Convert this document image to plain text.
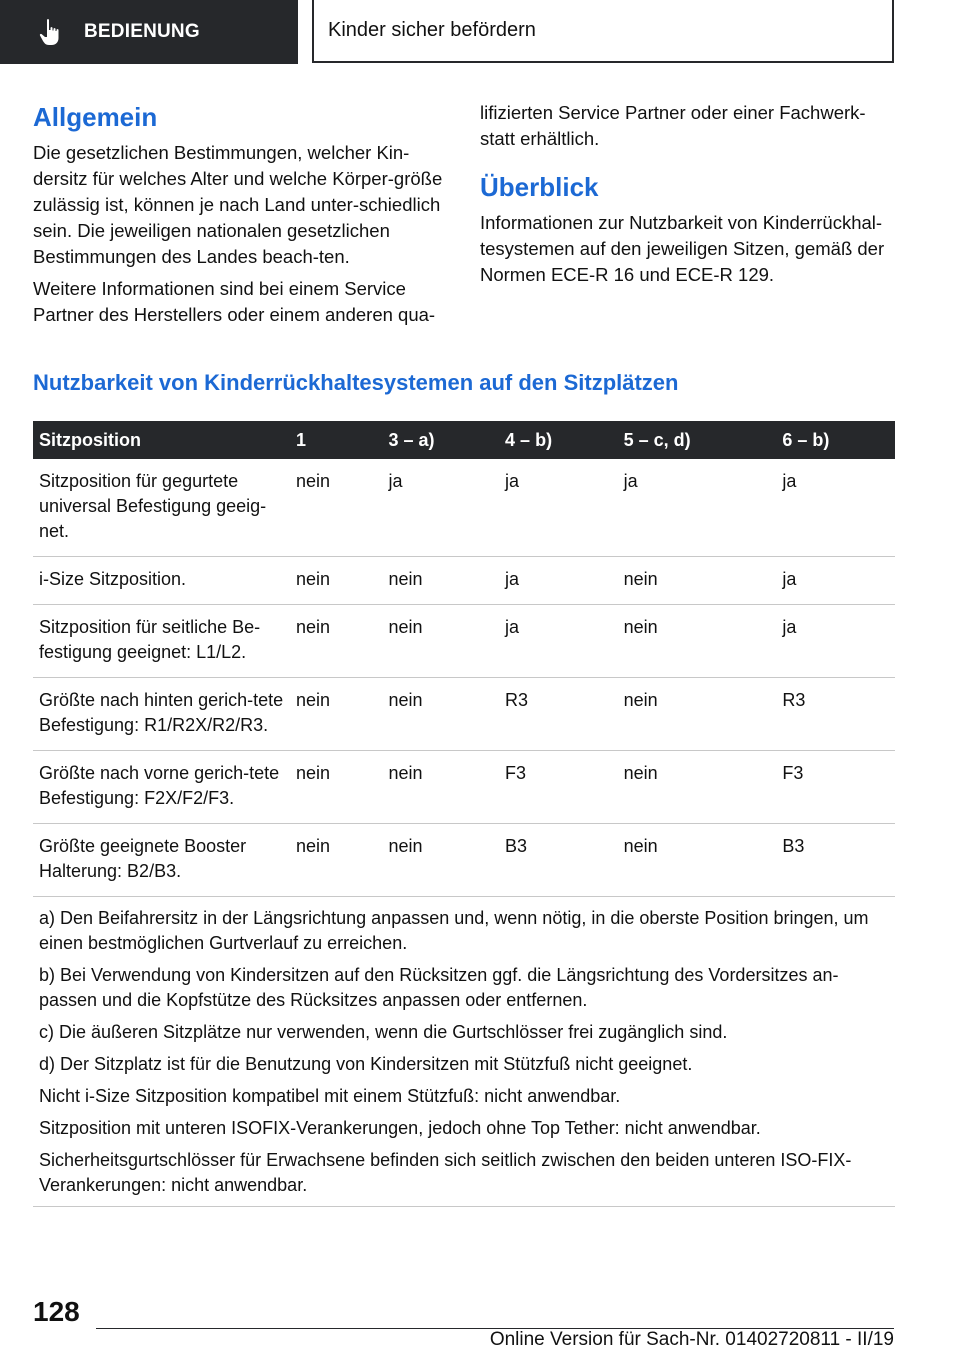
BEDIENUNG	Kinder sicher befördern
Allgemein

Die gesetzlichen Bestimmungen, welcher Kin-dersitz für welches Alter und welche Körper-größe zulässig ist, können je nach Land unter-schiedlich sein. Die jeweiligen nationalen gesetzlichen Bestimmungen des Landes beach-ten.

Weitere Informationen sind bei einem Service Partner des Herstellers oder einem anderen qua-

lifizierten Service Partner oder einer Fachwerk-statt erhältlich.

Überblick

Informationen zur Nutzbarkeit von Kinderrückhal-tesystemen auf den jeweiligen Sitzen, gemäß der Normen ECE-R 16 und ECE-R 129.

Nutzbarkeit von Kinderrückhaltesystemen auf den Sitzplätzen
Sitzposition	1	3 – a)	4 – b)	5 – c, d)	6 – b)
Sitzposition für gegurtete universal Befestigung geeig-net.	nein	ja	ja	ja	ja
i-Size Sitzposition.	nein	nein	ja	nein	ja
Sitzposition für seitliche Be-festigung geeignet: L1/L2.	nein	nein	ja	nein	ja
Größte nach hinten gerich-tete
Befestigung: R1/R2X/R2/R3.	nein	nein	R3	nein	R3
Größte nach vorne gerich-tete
Befestigung: F2X/F2/F3.	nein	nein	F3	nein	F3
Größte geeignete Booster Halterung: B2/B3.	nein	nein	B3	nein	B3

a) Den Beifahrersitz in der Längsrichtung anpassen und, wenn nötig, in die oberste Position bringen, um einen bestmöglichen Gurtverlauf zu erreichen.

b) Bei Verwendung von Kindersitzen auf den Rücksitzen ggf. die Längsrichtung des Vordersitzes an-passen und die Kopfstütze des Rücksitzes anpassen oder entfernen.

c) Die äußeren Sitzplätze nur verwenden, wenn die Gurtschlösser frei zugänglich sind.

d) Der Sitzplatz ist für die Benutzung von Kindersitzen mit Stützfuß nicht geeignet.

Nicht i-Size Sitzposition kompatibel mit einem Stützfuß: nicht anwendbar.

Sitzposition mit unteren ISOFIX-Verankerungen, jedoch ohne Top Tether: nicht anwendbar.

Sicherheitsgurtschlösser für Erwachsene befinden sich seitlich zwischen den beiden unteren ISO-FIX-Verankerungen: nicht anwendbar.

128
Online Version für Sach-Nr. 01402720811 - II/19
